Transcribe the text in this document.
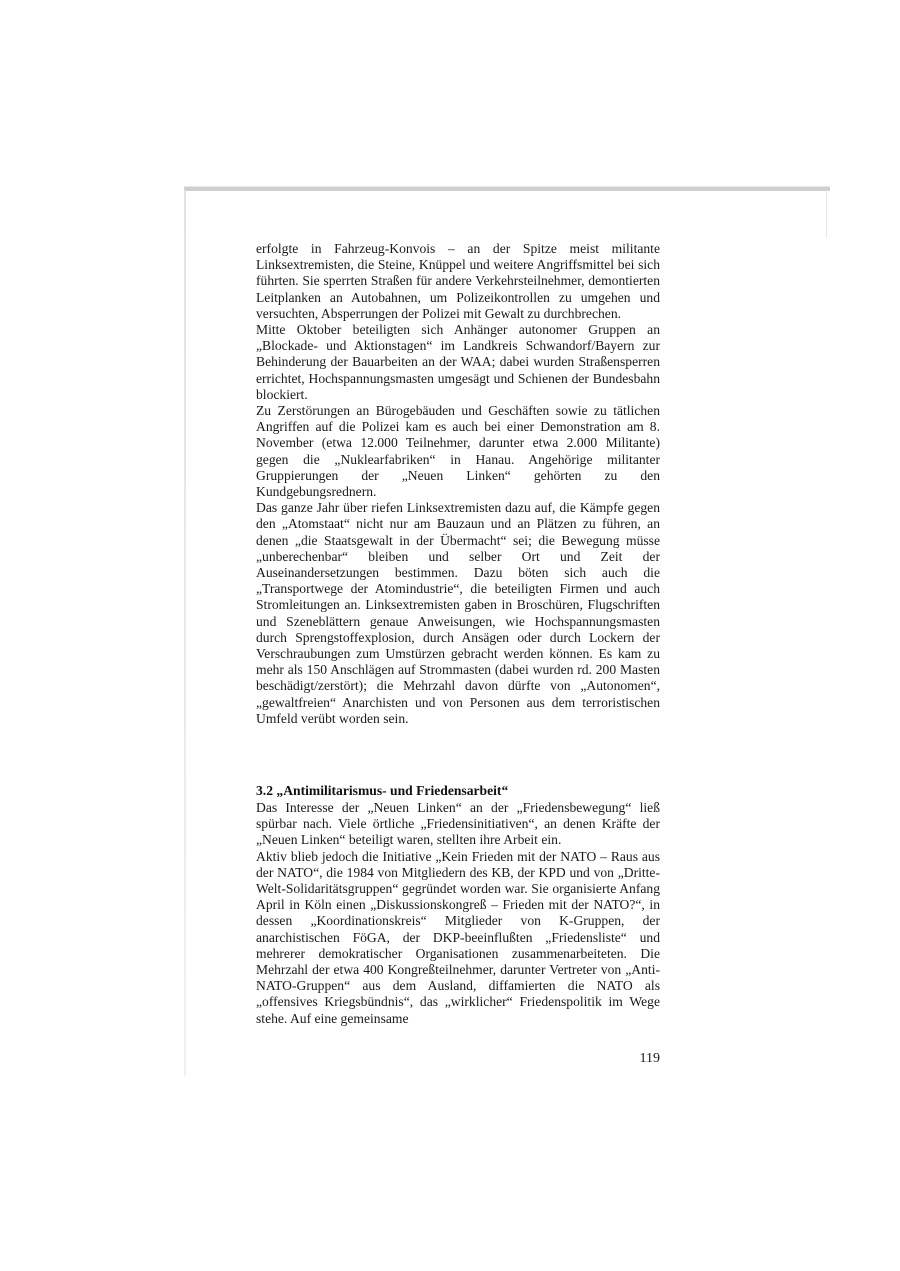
erfolgte in Fahrzeug-Konvois – an der Spitze meist militante Linksextremisten, die Steine, Knüppel und weitere Angriffsmittel bei sich führten. Sie sperrten Straßen für andere Verkehrsteilnehmer, demontierten Leitplanken an Autobahnen, um Polizeikontrollen zu umgehen und versuchten, Absperrungen der Polizei mit Gewalt zu durchbrechen.

Mitte Oktober beteiligten sich Anhänger autonomer Gruppen an „Blockade- und Aktionstagen“ im Landkreis Schwandorf/Bayern zur Behinderung der Bauarbeiten an der WAA; dabei wurden Straßensperren errichtet, Hochspannungsmasten umgesägt und Schienen der Bundesbahn blockiert.

Zu Zerstörungen an Bürogebäuden und Geschäften sowie zu tätlichen Angriffen auf die Polizei kam es auch bei einer Demonstration am 8. November (etwa 12.000 Teilnehmer, darunter etwa 2.000 Militante) gegen die „Nuklearfabriken“ in Hanau. Angehörige militanter Gruppierungen der „Neuen Linken“ gehörten zu den Kundgebungsrednern.

Das ganze Jahr über riefen Linksextremisten dazu auf, die Kämpfe gegen den „Atomstaat“ nicht nur am Bauzaun und an Plätzen zu führen, an denen „die Staatsgewalt in der Übermacht“ sei; die Bewegung müsse „unberechenbar“ bleiben und selber Ort und Zeit der Auseinandersetzungen bestimmen. Dazu böten sich auch die „Transportwege der Atomindustrie“, die beteiligten Firmen und auch Stromleitungen an. Linksextremisten gaben in Broschüren, Flugschriften und Szeneblättern genaue Anweisungen, wie Hochspannungsmasten durch Sprengstoffexplosion, durch Ansägen oder durch Lockern der Verschraubungen zum Umstürzen gebracht werden können. Es kam zu mehr als 150 Anschlägen auf Strommasten (dabei wurden rd. 200 Masten beschädigt/zerstört); die Mehrzahl davon dürfte von „Autonomen“, „gewaltfreien“ Anarchisten und von Personen aus dem terroristischen Umfeld verübt worden sein.

3.2 „Antimilitarismus- und Friedensarbeit“

Das Interesse der „Neuen Linken“ an der „Friedensbewegung“ ließ spürbar nach. Viele örtliche „Friedensinitiativen“, an denen Kräfte der „Neuen Linken“ beteiligt waren, stellten ihre Arbeit ein.

Aktiv blieb jedoch die Initiative „Kein Frieden mit der NATO – Raus aus der NATO“, die 1984 von Mitgliedern des KB, der KPD und von „Dritte-Welt-Solidaritätsgruppen“ gegründet worden war. Sie organisierte Anfang April in Köln einen „Diskussionskongreß – Frieden mit der NATO?“, in dessen „Koordinationskreis“ Mitglieder von K-Gruppen, der anarchistischen FöGA, der DKP-beeinflußten „Friedensliste“ und mehrerer demokratischer Organisationen zusammenarbeiteten. Die Mehrzahl der etwa 400 Kongreßteilnehmer, darunter Vertreter von „Anti-NATO-Gruppen“ aus dem Ausland, diffamierten die NATO als „offensives Kriegsbündnis“, das „wirklicher“ Friedenspolitik im Wege stehe. Auf eine gemeinsame

119
